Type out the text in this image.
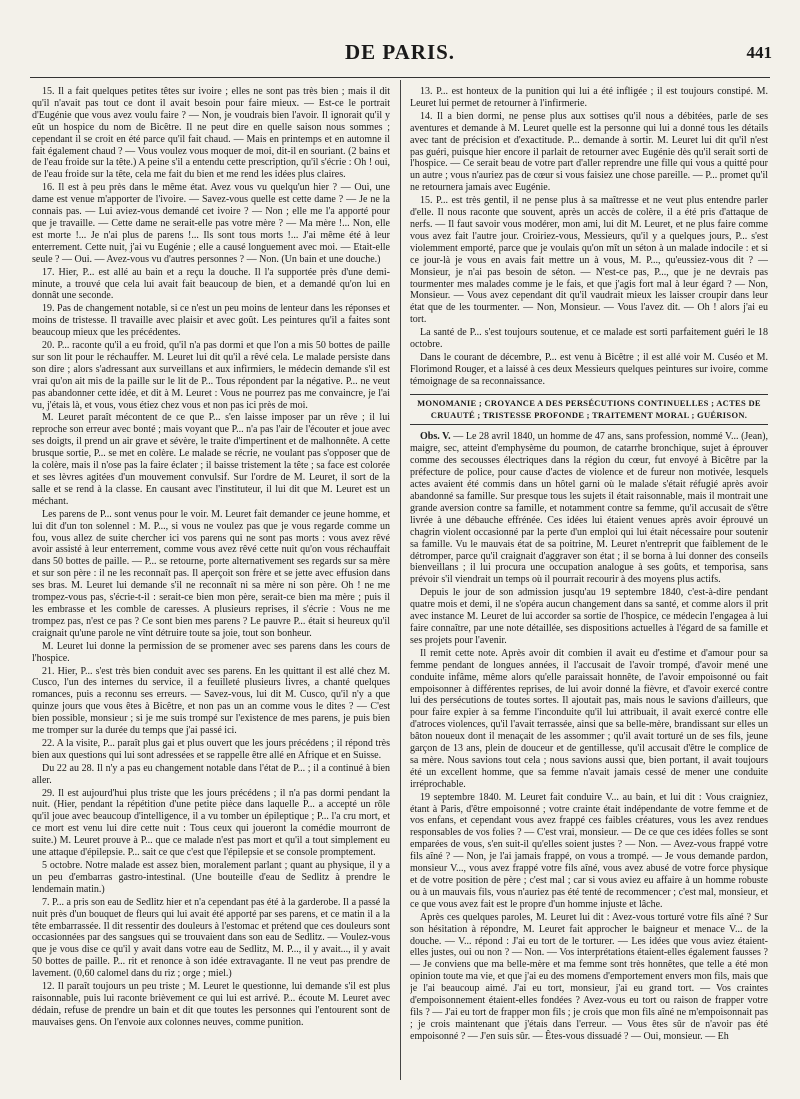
DE PARIS.	441

15. Il a fait quelques petites têtes sur ivoire ; elles ne sont pas très bien ; mais il dit qu'il n'avait pas tout ce dont il avait besoin pour faire mieux. — Est-ce le portrait d'Eugénie que vous avez voulu faire ? — Non, je voudrais bien l'avoir. Il ignorait qu'il y eût un hospice du nom de Bicêtre. Il ne peut dire en quelle saison nous sommes ; cependant il se croit en été parce qu'il fait chaud. — Mais en printemps et en automne il fait également chaud ? — Vous voulez vous moquer de moi, dit-il en souriant. (2 bains et de l'eau froide sur la tête.) A peine s'il a entendu cette prescription, qu'il s'écrie : Oh ! oui, de l'eau froide sur la tête, cela me fait du bien et me rend les idées plus claires.

16. Il est à peu près dans le même état. Avez vous vu quelqu'un hier ? — Oui, une dame est venue m'apporter de l'ivoire. — Savez-vous quelle est cette dame ? — Je ne la connais pas. — Lui aviez-vous demandé cet ivoire ? — Non ; elle me l'a apporté pour que je travaille. — Cette dame ne serait-elle pas votre mère ? — Ma mère !... Non, elle est morte !... Je n'ai plus de parens !... Ils sont tous morts !... J'ai même été à leur enterrement. Cette nuit, j'ai vu Eugénie ; elle a causé longuement avec moi. — Etait-elle seule ? — Oui. — Avez-vous vu d'autres personnes ? — Non. (Un bain et une douche.)

17. Hier, P... est allé au bain et a reçu la douche. Il l'a supportée près d'une demi-minute, a trouvé que cela lui avait fait beaucoup de bien, et a demandé qu'on lui en donnât une seconde.

19. Pas de changement notable, si ce n'est un peu moins de lenteur dans les réponses et moins de tristesse. Il travaille avec plaisir et avec goût. Les peintures qu'il a faites sont beaucoup mieux que les précédentes.

20. P... raconte qu'il a eu froid, qu'il n'a pas dormi et que l'on a mis 50 bottes de paille sur son lit pour le réchauffer. M. Leuret lui dit qu'il a rêvé cela. Le malade persiste dans son dire ; alors s'adressant aux surveillans et aux infirmiers, le médecin demande s'il est vrai qu'on ait mis de la paille sur le lit de P... Tous répondent par la négative. P... ne veut pas abandonner cette idée, et dit à M. Leuret : Vous ne pourrez pas me convaincre, je l'ai vu, j'étais là, et vous, vous étiez chez vous et non pas ici près de moi.

M. Leuret paraît mécontent de ce que P... s'en laisse imposer par un rêve ; il lui reproche son erreur avec bonté ; mais voyant que P... n'a pas l'air de l'écouter et joue avec ses doigts, il prend un air grave et sévère, le traite d'impertinent et de malhonnête. A cette brusque sortie, P... se met en colère. Le malade se récrie, ne voulant pas s'opposer que de la colère, mais il n'ose pas la faire éclater ; il baisse tristement la tête ; sa face est colorée et ses lèvres agitées d'un mouvement convulsif. Sur l'ordre de M. Leuret, il sort de la salle et se rend à la classe. En causant avec l'instituteur, il lui dit que M. Leuret est un méchant.

Les parens de P... sont venus pour le voir. M. Leuret fait demander ce jeune homme, et lui dit d'un ton solennel : M. P..., si vous ne voulez pas que je vous regarde comme un fou, vous allez de suite chercher ici vos parens qui ne sont pas morts : vous avez rêvé avoir assisté à leur enterrement, comme vous avez rêvé cette nuit qu'on vous réchauffait dans 50 bottes de paille. — P... se retourne, porte alternativement ses regards sur sa mère et sur son père : il ne les reconnaît pas. Il aperçoit son frère et se jette avec effusion dans ses bras. M. Leuret lui demande s'il ne reconnaît ni sa mère ni son père. Oh ! ne me trompez-vous pas, s'écrie-t-il : serait-ce bien mon père, serait-ce bien ma mère ; puis il les embrasse et les comble de caresses. A plusieurs reprises, il s'écrie : Vous ne me trompez pas, n'est ce pas ? Ce sont bien mes parens ? Le pauvre P... était si heureux qu'il craignait qu'une parole ne vînt détruire toute sa joie, tout son bonheur.

M. Leuret lui donne la permission de se promener avec ses parens dans les cours de l'hospice.

21. Hier, P... s'est très bien conduit avec ses parens. En les quittant il est allé chez M. Cusco, l'un des internes du service, il a feuilleté plusieurs livres, a chanté quelques romances, puis a reconnu ses erreurs. — Savez-vous, lui dit M. Cusco, qu'il n'y a que quinze jours que vous êtes à Bicêtre, et non pas un an comme vous le dites ? — C'est bien possible, monsieur ; si je me suis trompé sur l'existence de mes parens, je puis bien me tromper sur la durée du temps que j'ai passé ici.

22. A la visite, P... paraît plus gai et plus ouvert que les jours précédens ; il répond très bien aux questions qui lui sont adressées et se rappelle être allé en Afrique et en Suisse.

Du 22 au 28. Il n'y a pas eu changement notable dans l'état de P... ; il a continué à bien aller.

29. Il est aujourd'hui plus triste que les jours précédens ; il n'a pas dormi pendant la nuit. (Hier, pendant la répétition d'une petite pièce dans laquelle P... a accepté un rôle qu'il joue avec beaucoup d'intelligence, il a vu tomber un épileptique ; P... l'a cru mort, et ce mort est venu lui dire cette nuit : Tous ceux qui joueront la comédie mourront de suite.) M. Leuret prouve à P... que ce malade n'est pas mort et qu'il a tout simplement eu une attaque d'épilepsie. P... sait ce que c'est que l'épilepsie et se console promptement.

5 octobre. Notre malade est assez bien, moralement parlant ; quant au physique, il y a un peu d'embarras gastro-intestinal. (Une bouteille d'eau de Sedlitz à prendre le lendemain matin.)

7. P... a pris son eau de Sedlitz hier et n'a cependant pas été à la garderobe. Il a passé la nuit près d'un bouquet de fleurs qui lui avait été apporté par ses parens, et ce matin il a la tête embarrassée. Il dit ressentir des douleurs à l'estomac et prétend que ces douleurs sont occasionnées par des sangsues qui se trouvaient dans son eau de Sedlitz. — Voulez-vous que je vous dise ce qu'il y avait dans votre eau de Sedlitz, M. P..., il y avait..., il y avait 50 bottes de paille. P... rit et renonce à son idée extravagante. Il ne veut pas prendre de lavement. (0,60 calomel dans du riz ; orge ; miel.)

12. Il paraît toujours un peu triste ; M. Leuret le questionne, lui demande s'il est plus raisonnable, puis lui raconte brièvement ce qui lui est arrivé. P... écoute M. Leuret avec dédain, refuse de prendre un bain et dit que toutes les personnes qui l'entourent sont de mauvaises gens. On l'envoie aux colonnes neuves, comme punition.

13. P... est honteux de la punition qui lui a été infligée ; il est toujours constipé. M. Leuret lui permet de retourner à l'infirmerie.

14. Il a bien dormi, ne pense plus aux sottises qu'il nous a débitées, parle de ses aventures et demande à M. Leuret quelle est la personne qui lui a donné tous les détails avec tant de précision et d'exactitude. P... demande à sortir. M. Leuret lui dit qu'il n'est pas guéri, puisque hier encore il parlait de retourner avec Eugénie dès qu'il serait sorti de l'hospice. — Ce serait beau de votre part d'aller reprendre une fille qui vous a quitté pour un autre ; vous n'auriez pas de cœur si vous faisiez une chose pareille. — P... promet qu'il ne retournera jamais avec Eugénie.

15. P... est très gentil, il ne pense plus à sa maîtresse et ne veut plus entendre parler d'elle. Il nous raconte que souvent, après un accès de colère, il a été pris d'attaque de nerfs. — Il faut savoir vous modérer, mon ami, lui dit M. Leuret, et ne plus faire comme vous avez fait l'autre jour. Croiriez-vous, Messieurs, qu'il y a quelques jours, P... s'est violemment emporté, parce que je voulais qu'on mît un séton à un malade indocile : et si ce jour-là je vous en avais fait mettre un à vous, M. P..., qu'eussiez-vous dit ? — Monsieur, je n'ai pas besoin de séton. — N'est-ce pas, P..., que je ne devrais pas tourmenter mes malades comme je le fais, et que j'agis fort mal à leur égard ? — Non, Monsieur. — Vous avez cependant dit qu'il vaudrait mieux les laisser croupir dans leur état que de les tourmenter. — Non, Monsieur. — Vous l'avez dit. — Oh ! alors j'ai eu tort.

La santé de P... s'est toujours soutenue, et ce malade est sorti parfaitement guéri le 18 octobre.

Dans le courant de décembre, P... est venu à Bicêtre ; il est allé voir M. Cuséo et M. Florimond Rouger, et a laissé à ces deux Messieurs quelques peintures sur ivoire, comme témoignage de sa reconnaissance.

MONOMANIE ; CROYANCE A DES PERSÉCUTIONS CONTINUELLES ; ACTES DE CRUAUTÉ ; TRISTESSE PROFONDE ; TRAITEMENT MORAL ; GUÉRISON.

Obs. V. — Le 28 avril 1840, un homme de 47 ans, sans profession, nommé V... (Jean), maigre, sec, atteint d'emphysème du poumon, de catarrhe bronchique, sujet à éprouver comme des secousses électriques dans la région du cœur, fut envoyé à Bicêtre par la préfecture de police, pour cause d'actes de violence et de fureur non motivée, lesquels actes avaient été commis dans un hôtel garni où le malade s'était réfugié après avoir abandonné sa famille. Sur presque tous les sujets il était raisonnable, mais il montrait une grande aversion contre sa famille, et notamment contre sa femme, qu'il accusait de s'être livrée à une débauche effrénée. Ces idées lui étaient venues après avoir éprouvé un chagrin violent occasionné par la perte d'un emploi qui lui était nécessaire pour soutenir sa famille. Vu le mauvais état de sa poitrine, M. Leuret n'entreprit que faiblement de le détromper, parce qu'il craignait d'aggraver son état ; il se borna à lui donner des conseils bienveillans ; il lui procura une occupation analogue à ses goûts, et temporisa, sans prévoir s'il viendrait un temps où il pourrait recourir à des moyens plus actifs.

Depuis le jour de son admission jusqu'au 19 septembre 1840, c'est-à-dire pendant quatre mois et demi, il ne s'opéra aucun changement dans sa santé, et comme alors il prit avec instance M. Leuret de lui accorder sa sortie de l'hospice, ce médecin l'engagea à lui faire connaître, par une note détaillée, ses dispositions actuelles à l'égard de sa famille et ses projets pour l'avenir.

Il remit cette note. Après avoir dit combien il avait eu d'estime et d'amour pour sa femme pendant de longues années, il l'accusait de l'avoir trompé, d'avoir mené une conduite infâme, même alors qu'elle paraissait honnête, de l'avoir empoisonné ou fait empoisonner à différentes reprises, de lui avoir donné la fièvre, et d'avoir exercé contre lui des persécutions de toutes sortes. Il ajoutait pas, mais nous le savions d'ailleurs, que pour faire expier à sa femme l'inconduite qu'il lui attribuait, il avait exercé contre elle d'atroces violences, qu'il l'avait terrassée, ainsi que sa belle-mère, brandissant sur elles un bâton noueux dont il menaçait de les assommer ; qu'il avait torturé un de ses fils, jeune garçon de 13 ans, plein de douceur et de gentillesse, qu'il accusait d'être le complice de sa mère. Nous savions tout cela ; nous savions aussi que, bien portant, il avait toujours été un excellent homme, que sa femme n'avait jamais cessé de mener une conduite irréprochable.

19 septembre 1840. M. Leuret fait conduire V... au bain, et lui dit : Vous craigniez, étant à Paris, d'être empoisonné ; votre crainte était indépendante de votre femme et de vos enfans, et cependant vous avez frappé ces faibles créatures, vous les avez rendues responsables de vos folies ? — C'est vrai, monsieur. — De ce que ces idées folles se sont emparées de vous, s'en suit-il qu'elles soient justes ? — Non. — Avez-vous frappé votre fils aîné ? — Non, je l'ai jamais frappé, on vous a trompé. — Je vous demande pardon, monsieur V..., vous avez frappé votre fils aîné, vous avez abusé de votre force physique et de votre position de père ; c'est mal ; car si vous aviez eu affaire à un homme robuste ou à un mauvais fils, vous n'auriez pas été tenté de recommencer ; c'est mal, monsieur, et ce que vous avez fait est le propre d'un homme injuste et lâche.

Après ces quelques paroles, M. Leuret lui dit : Avez-vous torturé votre fils aîné ? Sur son hésitation à répondre, M. Leuret fait approcher le baigneur et menace V... de la douche. — V... répond : J'ai eu tort de le torturer. — Les idées que vous aviez étaient-elles justes, oui ou non ? — Non. — Vos interprétations étaient-elles également fausses ? — Je conviens que ma belle-mère et ma femme sont très honnêtes, que telle a été mon opinion toute ma vie, et que j'ai eu des momens d'emportement envers mon fils, mais que je l'ai beaucoup aimé. J'ai eu tort, monsieur, j'ai eu grand tort. — Vos craintes d'empoisonnement étaient-elles fondées ? Avez-vous eu tort ou raison de frapper votre fils ? — J'ai eu tort de frapper mon fils ; je crois que mon fils aîné ne m'empoisonnait pas ; je crois maintenant que j'étais dans l'erreur. — Vous êtes sûr de n'avoir pas été empoisonné ? — J'en suis sûr. — Êtes-vous dissuadé ? — Oui, monsieur. — Eh
